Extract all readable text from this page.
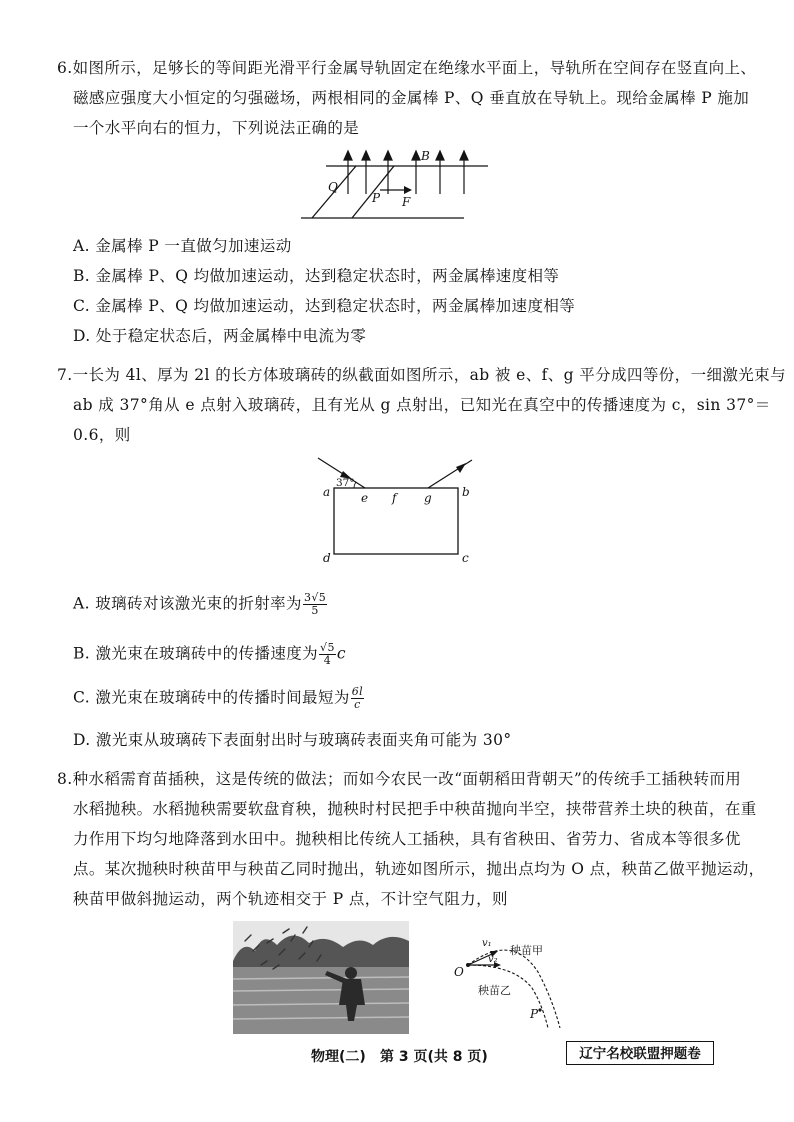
6.如图所示，足够长的等间距光滑平行金属导轨固定在绝缘水平面上，导轨所在空间存在竖直向上、
磁感应强度大小恒定的匀强磁场，两根相同的金属棒 P、Q 垂直放在导轨上。现给金属棒 P 施加
一个水平向右的恒力，下列说法正确的是
Q
P F
B
A. 金属棒 P 一直做匀加速运动
B. 金属棒 P、Q 均做加速运动，达到稳定状态时，两金属棒速度相等
C. 金属棒 P、Q 均做加速运动，达到稳定状态时，两金属棒加速度相等
D. 处于稳定状态后，两金属棒中电流为零
7.一长为 4l、厚为 2l 的长方体玻璃砖的纵截面如图所示，ab 被 e、f、g 平分成四等份，一细激光束与
ab 成 37°角从 e 点射入玻璃砖，且有光从 g 点射出，已知光在真空中的传播速度为 c，sin 37°＝
0.6，则
37°
a	e f g	b
d	c
A. 玻璃砖对该激光束的折射率为 $\frac{3√5}{5}$
B. 激光束在玻璃砖中的传播速度为 $\frac{√5}{4}$ c
C. 激光束在玻璃砖中的传播时间最短为 $\frac{6l}{c}$
D. 激光束从玻璃砖下表面射出时与玻璃砖表面夹角可能为 30°
8.种水稻需育苗插秧，这是传统的做法；而如今农民一改“面朝稻田背朝天”的传统手工插秧转而用
水稻抛秧。水稻抛秧需要软盘育秧，抛秧时村民把手中秧苗抛向半空，挟带营养土块的秧苗，在重
力作用下均匀地降落到水田中。抛秧相比传统人工插秧，具有省秧田、省劳力、省成本等很多优
点。某次抛秧时秧苗甲与秧苗乙同时抛出，轨迹如图所示，抛出点均为 O 点，秧苗乙做平抛运动，
秧苗甲做斜抛运动，两个轨迹相交于 P 点，不计空气阻力，则
O
v₁
v₂
秧苗甲
秧苗乙
P
物理(二) 第 3 页(共 8 页)	辽宁名校联盟押题卷
